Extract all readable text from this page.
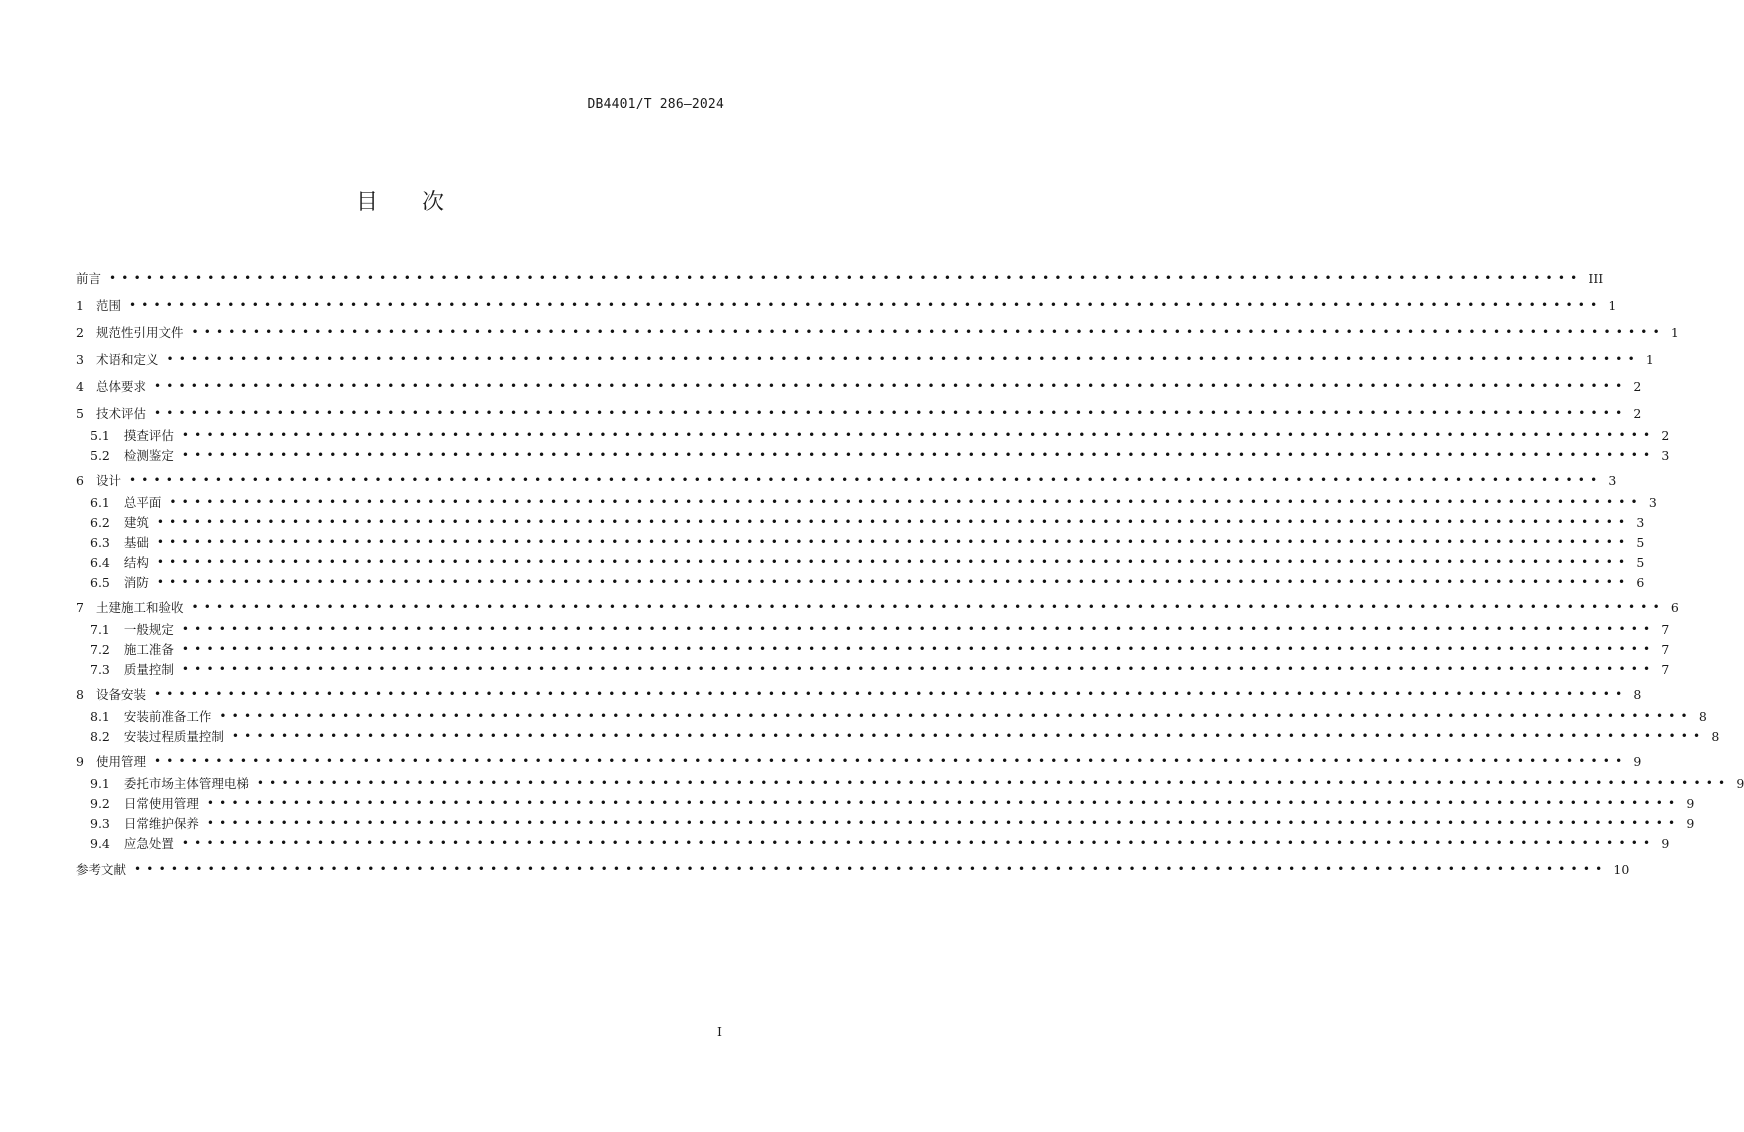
DB4401/T 286—2024
目 次
前言 •••••••••••••••••••••••••••••••••••••••••••••••••••••••••••••••••••••••••••••••••••••••••••••••••••••••••••••••••••••••• III
1 范围 •••••••••••••••••••••••••••••••••••••••••••••••••••••••••••••••••••••••••••••••••••••••••••••••••••••••••••••••••••••••• 1
2 规范性引用文件 •••••••••••••••••••••••••••••••••••••••••••••••••••••••••••••••••••••••••••••••••••••••••••••••••••••••••••••••••••••••• 1
3 术语和定义 •••••••••••••••••••••••••••••••••••••••••••••••••••••••••••••••••••••••••••••••••••••••••••••••••••••••••••••••••••••••• 1
4 总体要求 •••••••••••••••••••••••••••••••••••••••••••••••••••••••••••••••••••••••••••••••••••••••••••••••••••••••••••••••••••••••• 2
5 技术评估 •••••••••••••••••••••••••••••••••••••••••••••••••••••••••••••••••••••••••••••••••••••••••••••••••••••••••••••••••••••••• 2
5.1 摸查评估 •••••••••••••••••••••••••••••••••••••••••••••••••••••••••••••••••••••••••••••••••••••••••••••••••••••••••••••••••••••••• 2
5.2 检测鉴定 •••••••••••••••••••••••••••••••••••••••••••••••••••••••••••••••••••••••••••••••••••••••••••••••••••••••••••••••••••••••• 3
6 设计 •••••••••••••••••••••••••••••••••••••••••••••••••••••••••••••••••••••••••••••••••••••••••••••••••••••••••••••••••••••••• 3
6.1 总平面 •••••••••••••••••••••••••••••••••••••••••••••••••••••••••••••••••••••••••••••••••••••••••••••••••••••••••••••••••••••••• 3
6.2 建筑 •••••••••••••••••••••••••••••••••••••••••••••••••••••••••••••••••••••••••••••••••••••••••••••••••••••••••••••••••••••••• 3
6.3 基础 •••••••••••••••••••••••••••••••••••••••••••••••••••••••••••••••••••••••••••••••••••••••••••••••••••••••••••••••••••••••• 5
6.4 结构 •••••••••••••••••••••••••••••••••••••••••••••••••••••••••••••••••••••••••••••••••••••••••••••••••••••••••••••••••••••••• 5
6.5 消防 •••••••••••••••••••••••••••••••••••••••••••••••••••••••••••••••••••••••••••••••••••••••••••••••••••••••••••••••••••••••• 6
7 土建施工和验收 •••••••••••••••••••••••••••••••••••••••••••••••••••••••••••••••••••••••••••••••••••••••••••••••••••••••••••••••••••••••• 6
7.1 一般规定 •••••••••••••••••••••••••••••••••••••••••••••••••••••••••••••••••••••••••••••••••••••••••••••••••••••••••••••••••••••••• 7
7.2 施工准备 •••••••••••••••••••••••••••••••••••••••••••••••••••••••••••••••••••••••••••••••••••••••••••••••••••••••••••••••••••••••• 7
7.3 质量控制 •••••••••••••••••••••••••••••••••••••••••••••••••••••••••••••••••••••••••••••••••••••••••••••••••••••••••••••••••••••••• 7
8 设备安装 •••••••••••••••••••••••••••••••••••••••••••••••••••••••••••••••••••••••••••••••••••••••••••••••••••••••••••••••••••••••• 8
8.1 安装前准备工作 •••••••••••••••••••••••••••••••••••••••••••••••••••••••••••••••••••••••••••••••••••••••••••••••••••••••••••••••••••••••• 8
8.2 安装过程质量控制 •••••••••••••••••••••••••••••••••••••••••••••••••••••••••••••••••••••••••••••••••••••••••••••••••••••••••••••••••••••••• 8
9 使用管理 •••••••••••••••••••••••••••••••••••••••••••••••••••••••••••••••••••••••••••••••••••••••••••••••••••••••••••••••••••••••• 9
9.1 委托市场主体管理电梯 •••••••••••••••••••••••••••••••••••••••••••••••••••••••••••••••••••••••••••••••••••••••••••••••••••••••••••••••••••••••• 9
9.2 日常使用管理 •••••••••••••••••••••••••••••••••••••••••••••••••••••••••••••••••••••••••••••••••••••••••••••••••••••••••••••••••••••••• 9
9.3 日常维护保养 •••••••••••••••••••••••••••••••••••••••••••••••••••••••••••••••••••••••••••••••••••••••••••••••••••••••••••••••••••••••• 9
9.4 应急处置 •••••••••••••••••••••••••••••••••••••••••••••••••••••••••••••••••••••••••••••••••••••••••••••••••••••••••••••••••••••••• 9
参考文献 •••••••••••••••••••••••••••••••••••••••••••••••••••••••••••••••••••••••••••••••••••••••••••••••••••••••••••••••••••••••• 10
I
